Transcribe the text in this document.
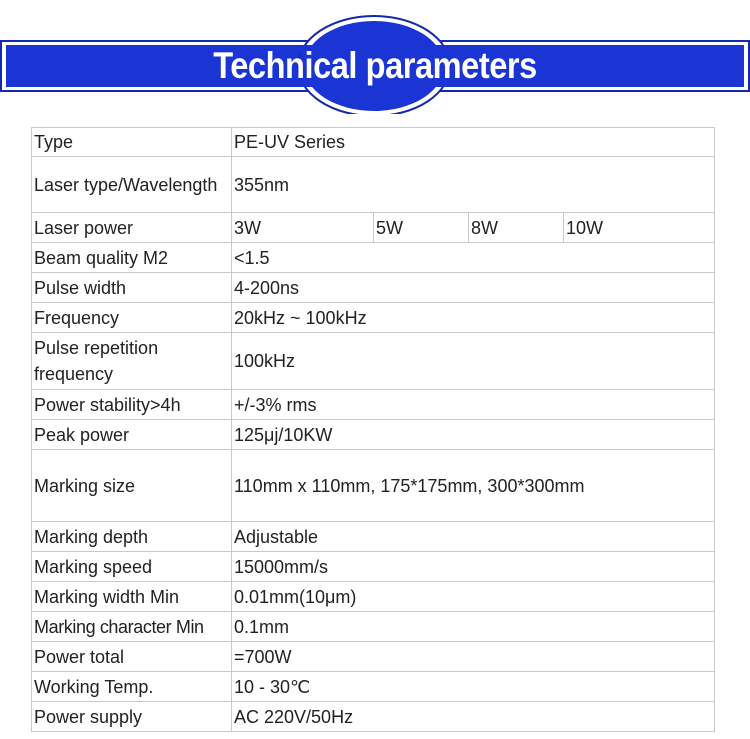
Technical parameters
Type	PE-UV Series			
Laser type/Wavelength	355nm			
Laser power	3W	5W	8W	10W
Beam quality M2	<1.5			
Pulse width	4-200ns			
Frequency	20kHz ~ 100kHz			
Pulse repetition frequency	100kHz			
Power stability>4h	+/-3% rms			
Peak power	125μj/10KW			
Marking size	110mm x 110mm, 175*175mm, 300*300mm			
Marking depth	Adjustable			
Marking speed	15000mm/s			
Marking width Min	0.01mm(10μm)			
Marking character Min	0.1mm			
Power total	=700W			
Working Temp.	10 - 30℃			
Power supply	AC 220V/50Hz			
